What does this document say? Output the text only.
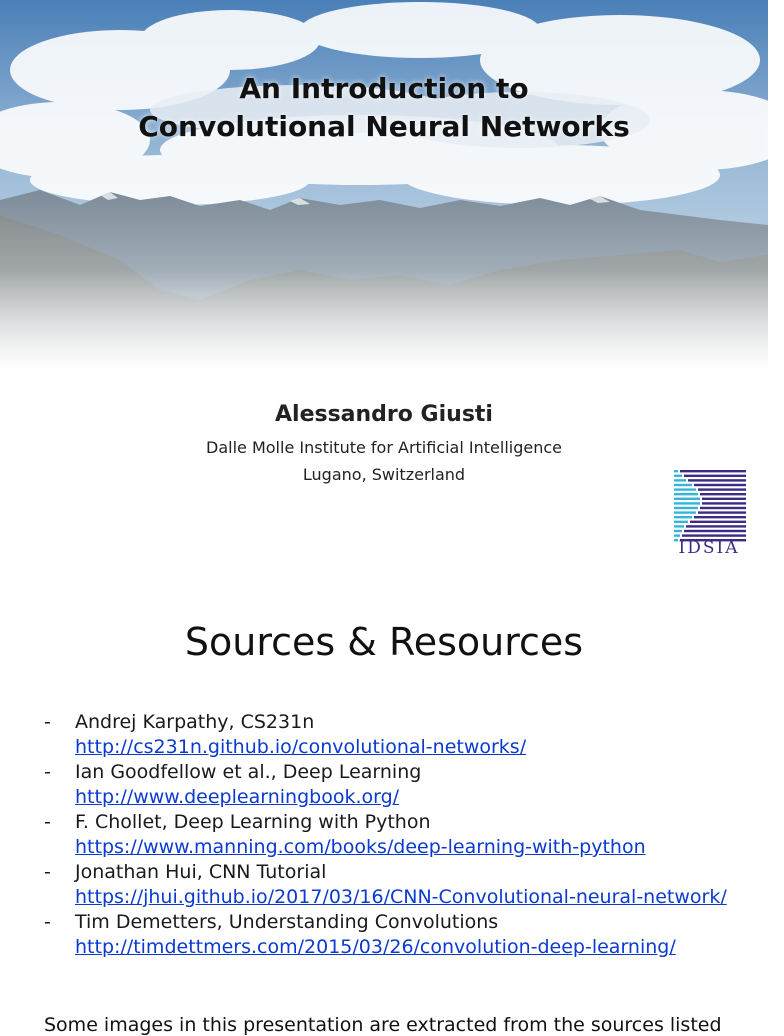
An Introduction to
Convolutional Neural Networks
Alessandro Giusti
Dalle Molle Institute for Artificial Intelligence
Lugano, Switzerland
IDSIA
Sources & Resources
- Andrej Karpathy, CS231n
http://cs231n.github.io/convolutional-networks/
- Ian Goodfellow et al., Deep Learning
http://www.deeplearningbook.org/
- F. Chollet, Deep Learning with Python
https://www.manning.com/books/deep-learning-with-python
- Jonathan Hui, CNN Tutorial
https://jhui.github.io/2017/03/16/CNN-Convolutional-neural-network/
- Tim Demetters, Understanding Convolutions
http://timdettmers.com/2015/03/26/convolution-deep-learning/
Some images in this presentation are extracted from the sources listed
